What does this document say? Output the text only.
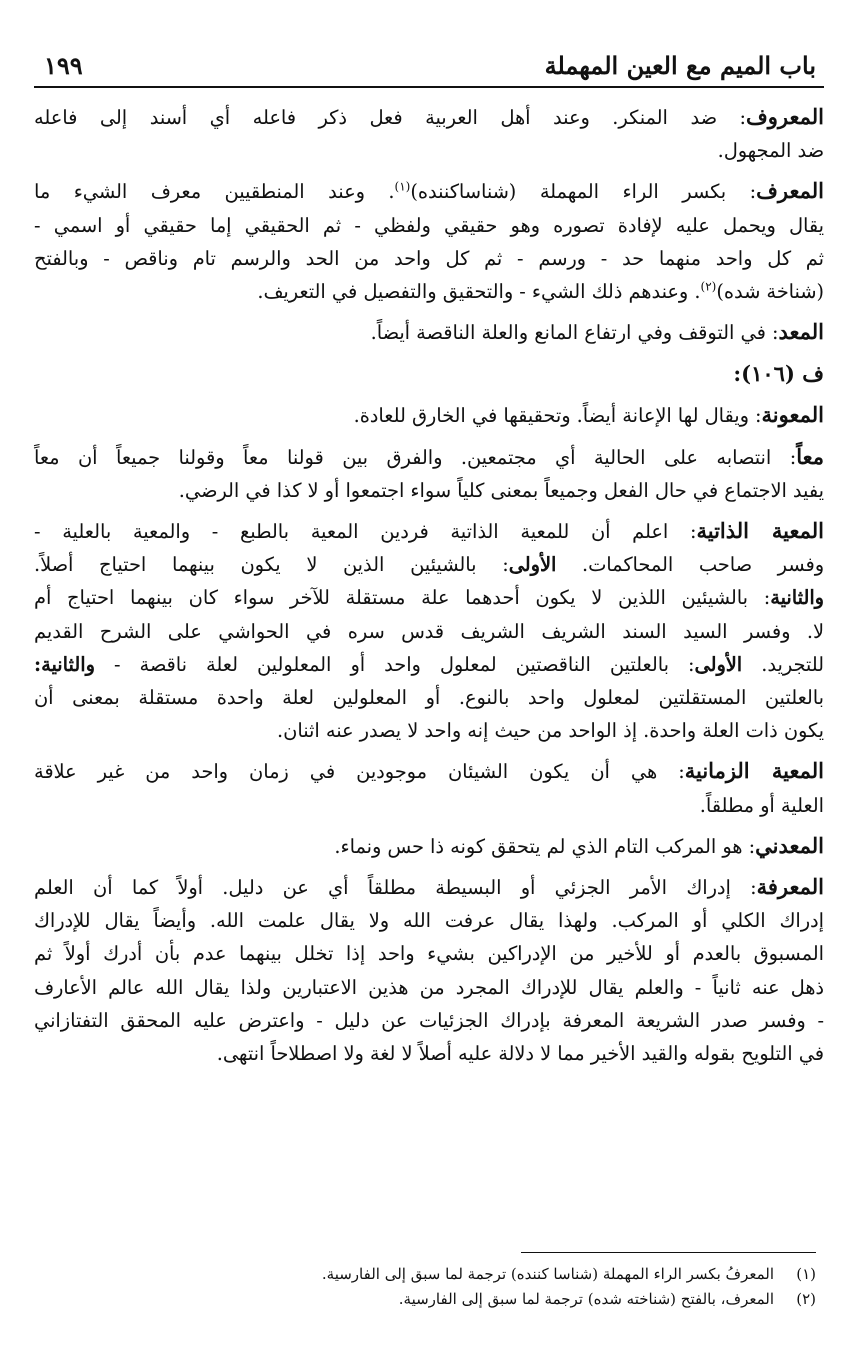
باب الميم مع العين المهملة
١٩٩
المعروف: ضد المنكر. وعند أهل العربية فعل ذكر فاعله أي أسند إلى فاعله
ضد المجهول.
المعرف: بكسر الراء المهملة (شناساكننده)$^{(١)}$. وعند المنطقيين معرف الشيء ما
يقال ويحمل عليه لإفادة تصوره وهو حقيقي ولفظي - ثم الحقيقي إما حقيقي أو اسمي -
ثم كل واحد منهما حد - ورسم - ثم كل واحد من الحد والرسم تام وناقص - وبالفتح
(شناخة شده)$^{(٢)}$. وعندهم ذلك الشيء - والتحقيق والتفصيل في التعريف.
المعد: في التوقف وفي ارتفاع المانع والعلة الناقصة أيضاً.
ف (١٠٦):
المعونة: ويقال لها الإعانة أيضاً. وتحقيقها في الخارق للعادة.
معاً: انتصابه على الحالية أي مجتمعين. والفرق بين قولنا معاً وقولنا جميعاً أن معاً
يفيد الاجتماع في حال الفعل وجميعاً بمعنى كلياً سواء اجتمعوا أو لا كذا في الرضي.
المعية الذاتية: اعلم أن للمعية الذاتية فردين المعية بالطبع - والمعية بالعلية -
وفسر صاحب المحاكمات. الأولى: بالشيئين الذين لا يكون بينهما احتياج أصلاً.
والثانية: بالشيئين اللذين لا يكون أحدهما علة مستقلة للآخر سواء كان بينهما احتياج أم
لا. وفسر السيد السند الشريف الشريف قدس سره في الحواشي على الشرح القديم
للتجريد. الأولى: بالعلتين الناقصتين لمعلول واحد أو المعلولين لعلة ناقصة - والثانية:
بالعلتين المستقلتين لمعلول واحد بالنوع. أو المعلولين لعلة واحدة مستقلة بمعنى أن
يكون ذات العلة واحدة. إذ الواحد من حيث إنه واحد لا يصدر عنه اثنان.
المعية الزمانية: هي أن يكون الشيئان موجودين في زمان واحد من غير علاقة
العلية أو مطلقاً.
المعدني: هو المركب التام الذي لم يتحقق كونه ذا حس ونماء.
المعرفة: إدراك الأمر الجزئي أو البسيطة مطلقاً أي عن دليل. أولاً كما أن العلم
إدراك الكلي أو المركب. ولهذا يقال عرفت الله ولا يقال علمت الله. وأيضاً يقال للإدراك
المسبوق بالعدم أو للأخير من الإدراكين بشيء واحد إذا تخلل بينهما عدم بأن أدرك أولاً ثم
ذهل عنه ثانياً - والعلم يقال للإدراك المجرد من هذين الاعتبارين ولذا يقال الله عالم الأعارف
- وفسر صدر الشريعة المعرفة بإدراك الجزئيات عن دليل - واعترض عليه المحقق التفتازاني
في التلويح بقوله والقيد الأخير مما لا دلالة عليه أصلاً لا لغة ولا اصطلاحاً انتهى.
(١)
المعرفُ بكسر الراء المهملة (شناسا كننده) ترجمة لما سبق إلى الفارسية.
(٢)
المعرف، بالفتح (شناخته شده) ترجمة لما سبق إلى الفارسية.
